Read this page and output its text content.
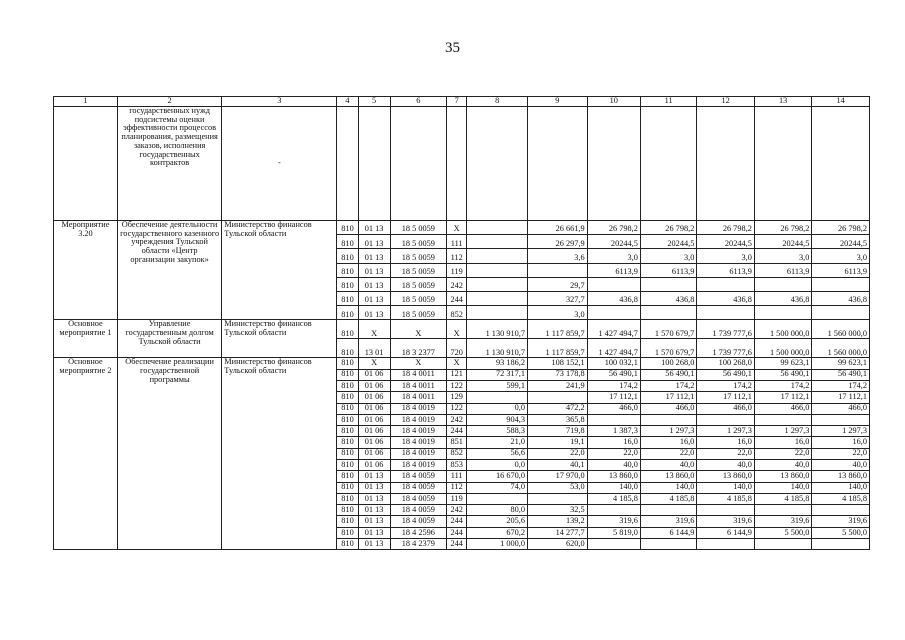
35
1	2	3	4	5	6	7	8	9	10	11	12	13	14
	государственных нужд подсистемы оценки эффективности процессов планирования, размещения заказов, исполнения государственных контрактов	-											
Мероприятие 3.20	Обеспечение деятельности государственного казенного учреждения Тульской области «Центр организации закупок»	Министерство финансов Тульской области	810	01 13	18 5 0059	X		26 661,9	26 798,2	26 798,2	26 798,2	26 798,2	26 798,2
			810	01 13	18 5 0059	111		26 297,9	20244,5	20244,5	20244,5	20244,5	20244,5
			810	01 13	18 5 0059	112		3,6	3,0	3,0	3,0	3,0	3,0
			810	01 13	18 5 0059	119			6113,9	6113,9	6113,9	6113,9	6113,9
			810	01 13	18 5 0059	242		29,7					
			810	01 13	18 5 0059	244		327,7	436,8	436,8	436,8	436,8	436,8
			810	01 13	18 5 0059	852		3,0					
Основное мероприятие 1	Управление государственным долгом Тульской области	Министерство финансов Тульской области	810	X	X	X	1 130 910,7	1 117 859,7	1 427 494,7	1 570 679,7	1 739 777,6	1 500 000,0	1 560 000,0
			810	13 01	18 3 2377	720	1 130 910,7	1 117 859,7	1 427 494,7	1 570 679,7	1 739 777,6	1 500 000,0	1 560 000,0
Основное мероприятие 2	Обеспечение реализации государственной программы	Министерство финансов Тульской области	810	X	X	X	93 186,2	108 152,1	100 032,1	100 268,0	100 268,0	99 623,1	99 623,1
			810	01 06	18 4 0011	121	72 317,1	73 178,8	56 490,1	56 490,1	56 490,1	56 490,1	56 490,1
			810	01 06	18 4 0011	122	599,1	241,9	174,2	174,2	174,2	174,2	174,2
			810	01 06	18 4 0011	129			17 112,1	17 112,1	17 112,1	17 112,1	17 112,1
			810	01 06	18 4 0019	122	0,0	472,2	466,0	466,0	466,0	466,0	466,0
			810	01 06	18 4 0019	242	904,3	365,8					
			810	01 06	18 4 0019	244	588,3	719,8	1 387,3	1 297,3	1 297,3	1 297,3	1 297,3
			810	01 06	18 4 0019	851	21,0	19,1	16,0	16,0	16,0	16,0	16,0
			810	01 06	18 4 0019	852	56,6	22,0	22,0	22,0	22,0	22,0	22,0
			810	01 06	18 4 0019	853	0,0	40,1	40,0	40,0	40,0	40,0	40,0
			810	01 13	18 4 0059	111	16 670,0	17 970,0	13 860,0	13 860,0	13 860,0	13 860,0	13 860,0
			810	01 13	18 4 0059	112	74,0	53,0	140,0	140,0	140,0	140,0	140,0
			810	01 13	18 4 0059	119			4 185,8	4 185,8	4 185,8	4 185,8	4 185,8
			810	01 13	18 4 0059	242	80,0	32,5					
			810	01 13	18 4 0059	244	205,6	139,2	319,6	319,6	319,6	319,6	319,6
			810	01 13	18 4 2596	244	670,2	14 277,7	5 819,0	6 144,9	6 144,9	5 500,0	5 500,0
			810	01 13	18 4 2379	244	1 000,0	620,0					
